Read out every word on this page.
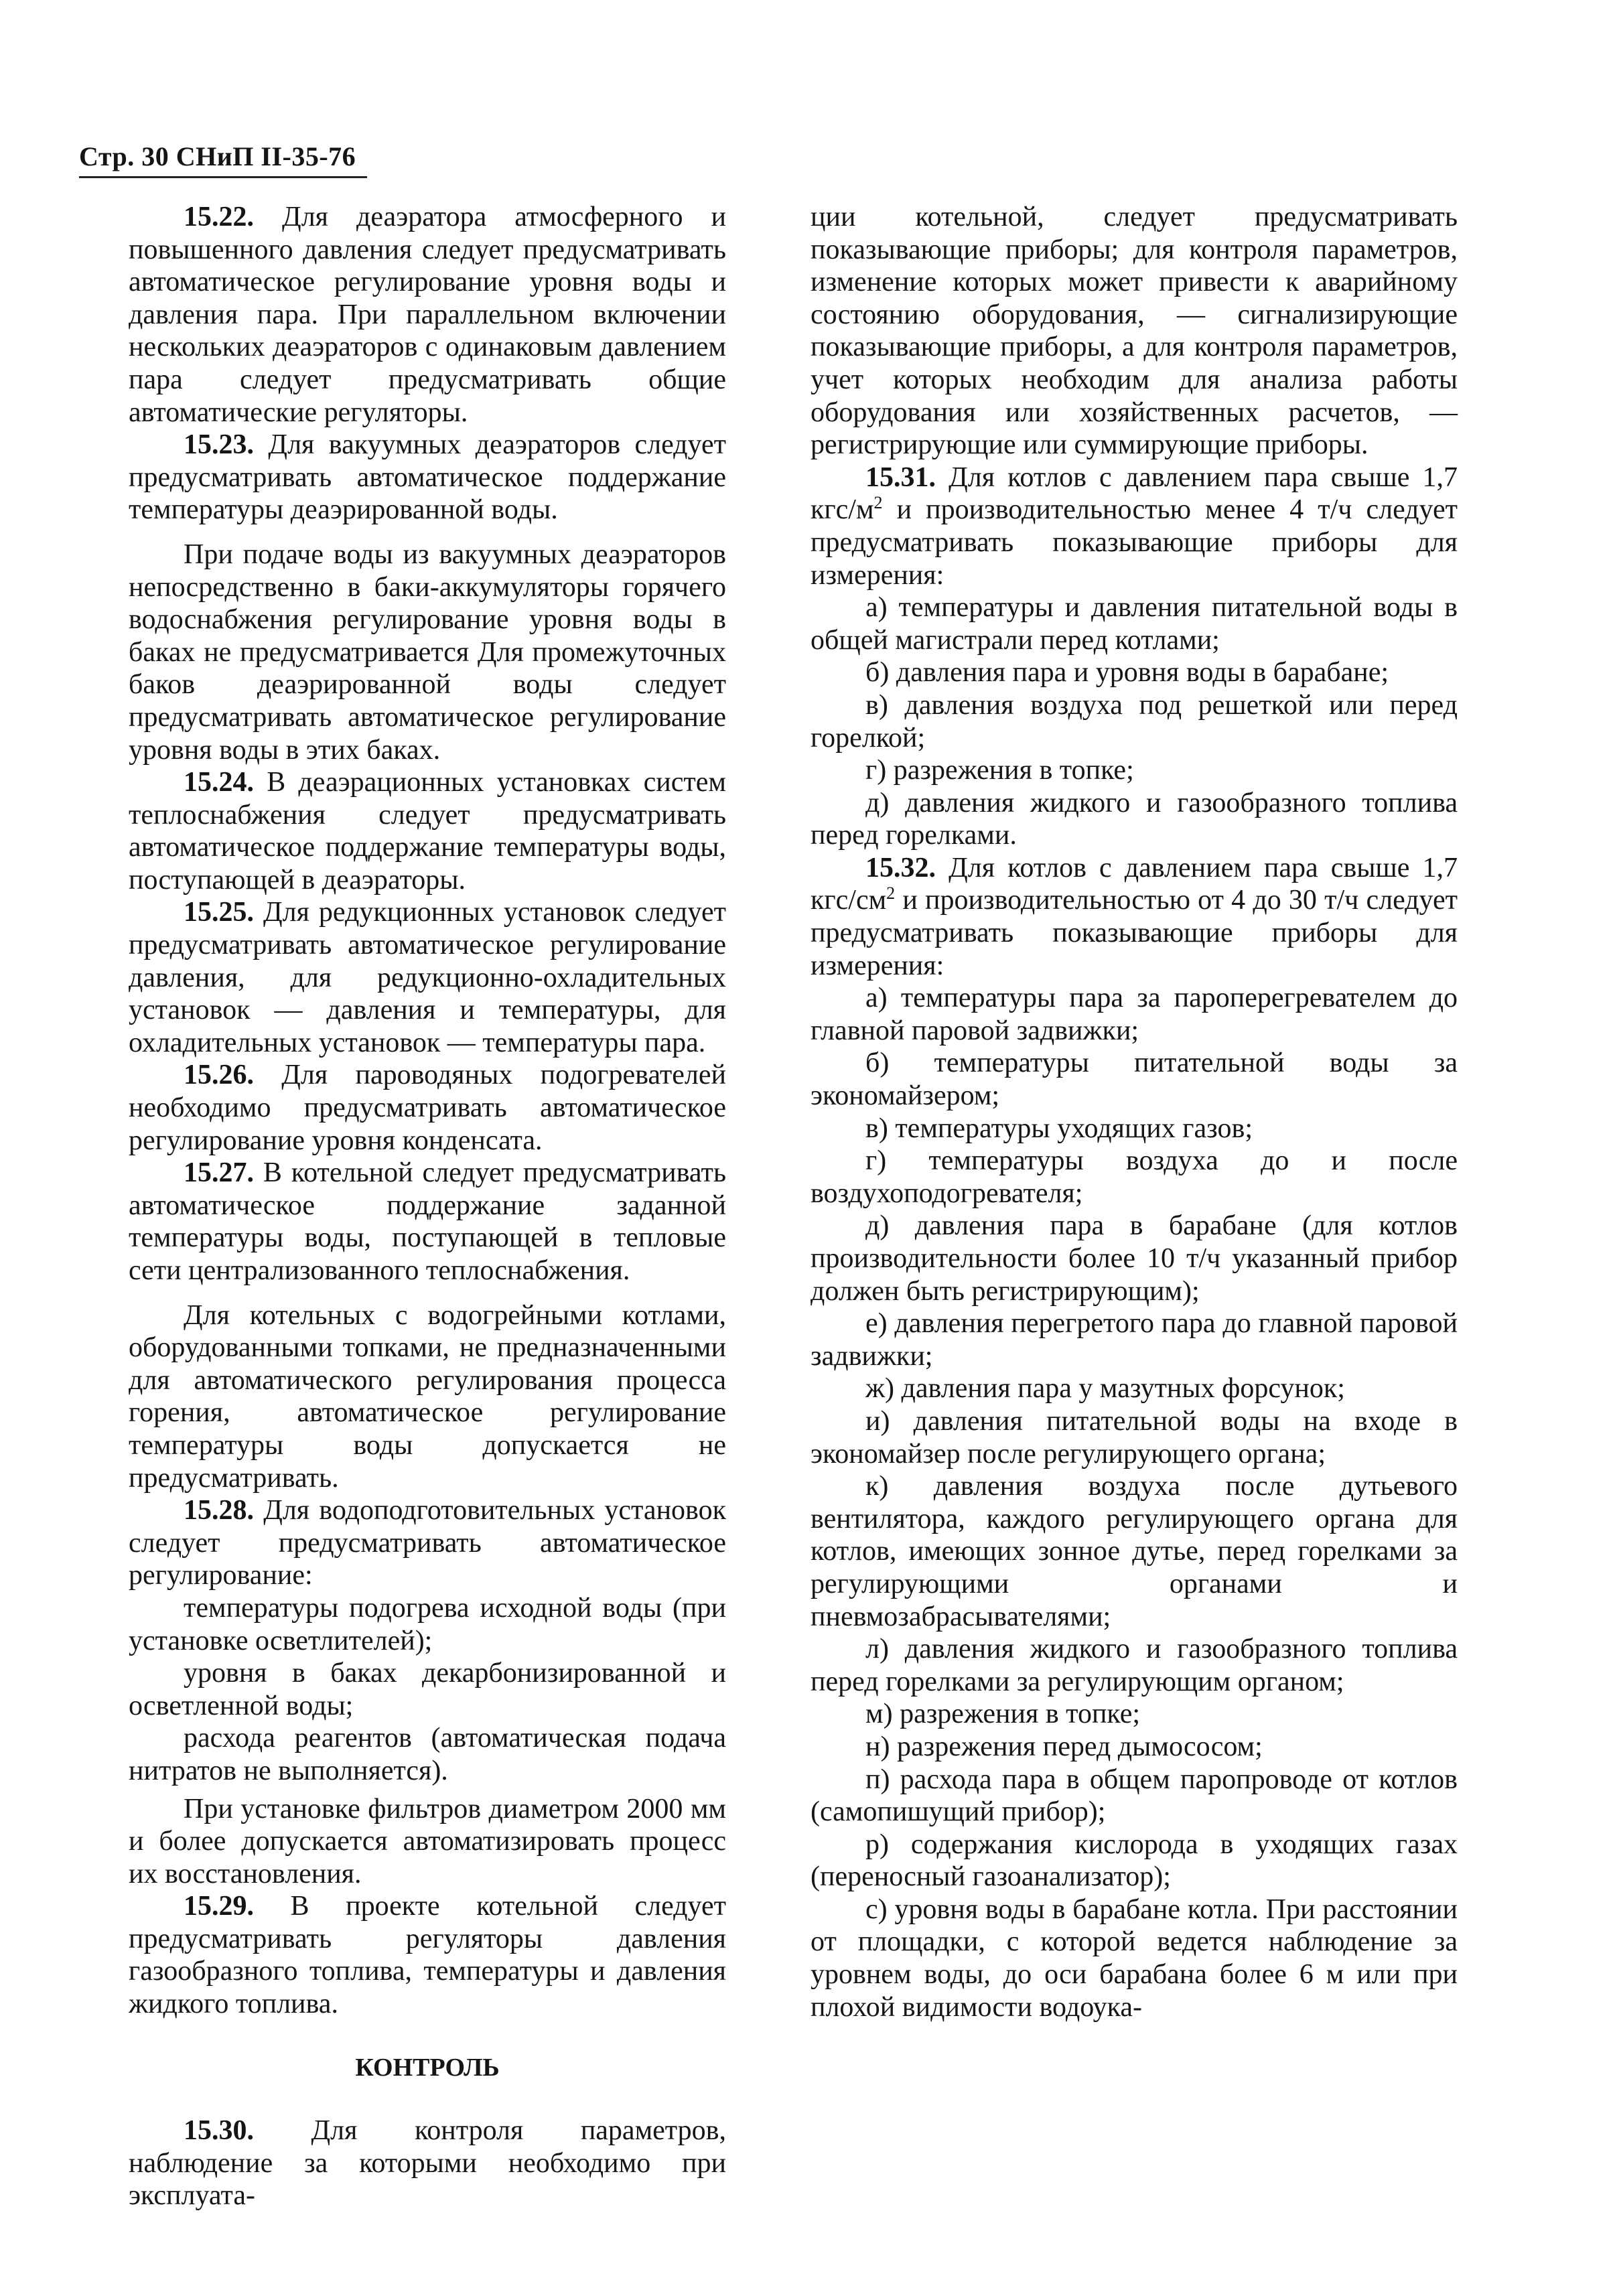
Стр. 30 СНиП II-35-76

15.22. Для деаэратора атмосферного и повышенного давления следует предусматривать автоматическое регулирование уровня воды и давления пара. При параллельном включении нескольких деаэраторов с одинаковым давлением пара следует предусматривать общие автоматические регуляторы.

15.23. Для вакуумных деаэраторов следует предусматривать автоматическое поддержание температуры деаэрированной воды.

При подаче воды из вакуумных деаэраторов непосредственно в баки-аккумуляторы горячего водоснабжения регулирование уровня воды в баках не предусматривается Для промежуточных баков деаэрированной воды следует предусматривать автоматическое регулирование уровня воды в этих баках.

15.24. В деаэрационных установках систем теплоснабжения следует предусматривать автоматическое поддержание температуры воды, поступающей в деаэраторы.

15.25. Для редукционных установок следует предусматривать автоматическое регулирование давления, для редукционно-охладительных установок — давления и температуры, для охладительных установок — температуры пара.

15.26. Для пароводяных подогревателей необходимо предусматривать автоматическое регулирование уровня конденсата.

15.27. В котельной следует предусматривать автоматическое поддержание заданной температуры воды, поступающей в тепловые сети централизованного теплоснабжения.

Для котельных с водогрейными котлами, оборудованными топками, не предназначенными для автоматического регулирования процесса горения, автоматическое регулирование температуры воды допускается не предусматривать.

15.28. Для водоподготовительных установок следует предусматривать автоматическое регулирование:

температуры подогрева исходной воды (при установке осветлителей);

уровня в баках декарбонизированной и осветленной воды;

расхода реагентов (автоматическая подача нитратов не выполняется).

При установке фильтров диаметром 2000 мм и более допускается автоматизировать процесс их восстановления.

15.29. В проекте котельной следует предусматривать регуляторы давления газообразного топлива, температуры и давления жидкого топлива.

КОНТРОЛЬ

15.30. Для контроля параметров, наблюдение за которыми необходимо при эксплуата-

ции котельной, следует предусматривать показывающие приборы; для контроля параметров, изменение которых может привести к аварийному состоянию оборудования, — сигнализирующие показывающие приборы, а для контроля параметров, учет которых необходим для анализа работы оборудования или хозяйственных расчетов, — регистрирующие или суммирующие приборы.

15.31. Для котлов с давлением пара свыше 1,7 кгс/$м^2$ и производительностью менее 4 т/ч следует предусматривать показывающие приборы для измерения:

а) температуры и давления питательной воды в общей магистрали перед котлами;

б) давления пара и уровня воды в барабане;

в) давления воздуха под решеткой или перед горелкой;

г) разрежения в топке;

д) давления жидкого и газообразного топлива перед горелками.

15.32. Для котлов с давлением пара свыше 1,7 кгс/$см^2$ и производительностью от 4 до 30 т/ч следует предусматривать показывающие приборы для измерения:

а) температуры пара за пароперегревателем до главной паровой задвижки;

б) температуры питательной воды за экономайзером;

в) температуры уходящих газов;

г) температуры воздуха до и после воздухоподогревателя;

д) давления пара в барабане (для котлов производительности более 10 т/ч указанный прибор должен быть регистрирующим);

е) давления перегретого пара до главной паровой задвижки;

ж) давления пара у мазутных форсунок;

и) давления питательной воды на входе в экономайзер после регулирующего органа;

к) давления воздуха после дутьевого вентилятора, каждого регулирующего органа для котлов, имеющих зонное дутье, перед горелками за регулирующими органами и пневмозабрасывателями;

л) давления жидкого и газообразного топлива перед горелками за регулирующим органом;

м) разрежения в топке;

н) разрежения перед дымососом;

п) расхода пара в общем паропроводе от котлов (самопишущий прибор);

р) содержания кислорода в уходящих газах (переносный газоанализатор);

с) уровня воды в барабане котла. При расстоянии от площадки, с которой ведется наблюдение за уровнем воды, до оси барабана более 6 м или при плохой видимости водоука-
